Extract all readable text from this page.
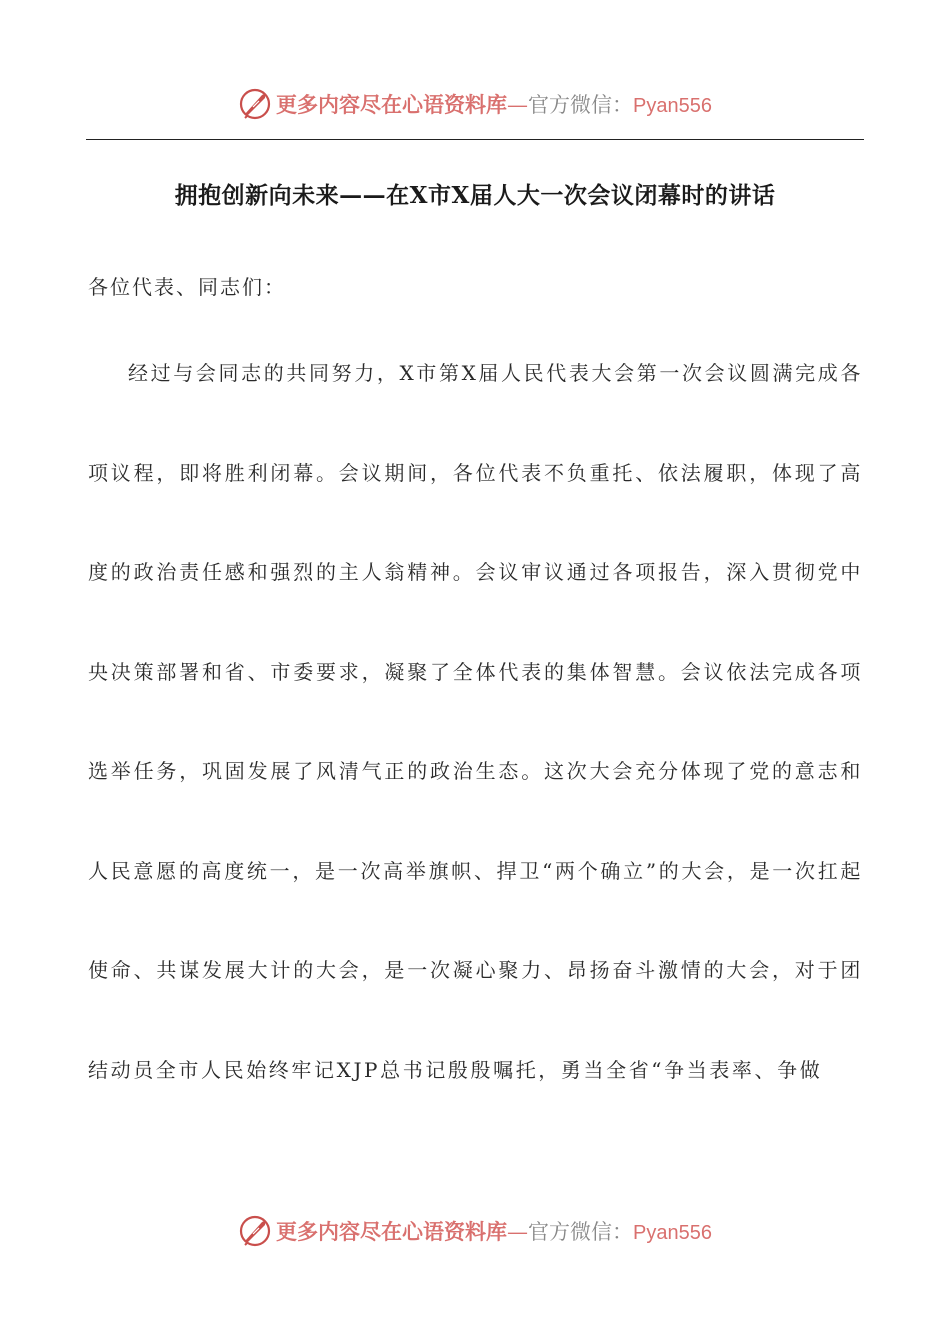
更多内容尽在心语资料库—官方微信：Pyan556
拥抱创新向未来——在X市X届人大一次会议闭幕时的讲话

各位代表、同志们：

经过与会同志的共同努力，X市第X届人民代表大会第一次会议圆满完成各项议程，即将胜利闭幕。会议期间，各位代表不负重托、依法履职，体现了高度的政治责任感和强烈的主人翁精神。会议审议通过各项报告，深入贯彻党中央决策部署和省、市委要求，凝聚了全体代表的集体智慧。会议依法完成各项选举任务，巩固发展了风清气正的政治生态。这次大会充分体现了党的意志和人民意愿的高度统一，是一次高举旗帜、捍卫“两个确立”的大会，是一次扛起使命、共谋发展大计的大会，是一次凝心聚力、昂扬奋斗激情的大会，对于团结动员全市人民始终牢记XJP总书记殷殷嘱托，勇当全省“争当表率、争做

更多内容尽在心语资料库—官方微信：Pyan556
